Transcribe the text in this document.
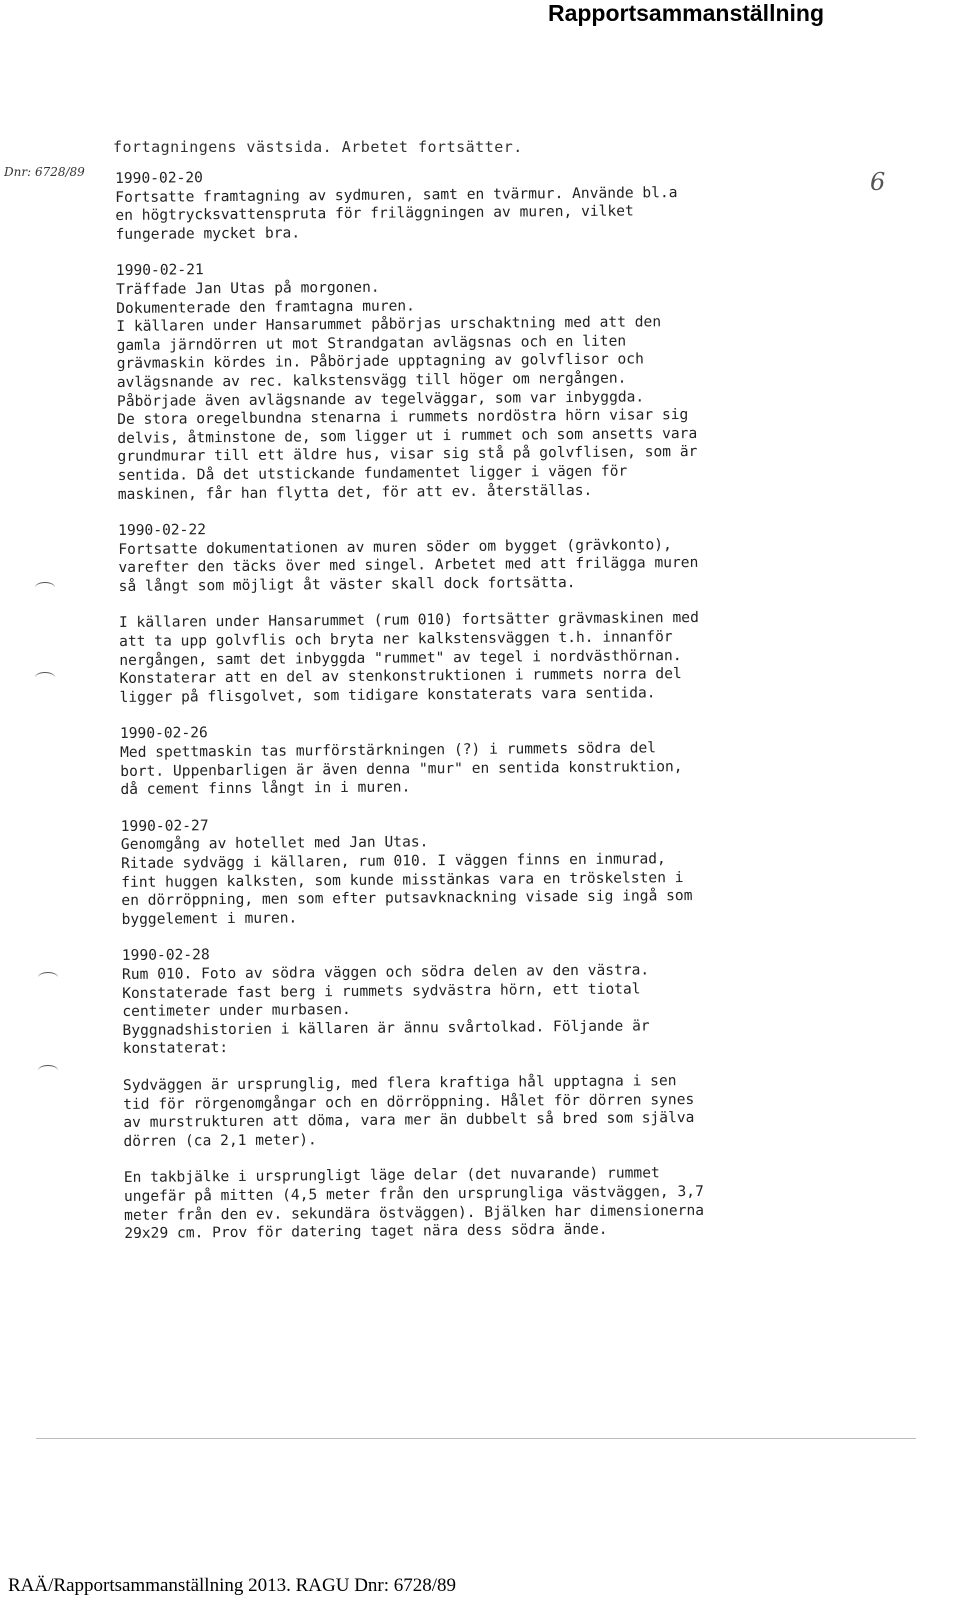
Rapportsammanställning
fortagningens västsida. Arbetet fortsätter.
Dnr: 6728/89	6
1990-02-20
Fortsatte framtagning av sydmuren, samt en tvärmur. Använde bl.a
en högtrycksvattenspruta för friläggningen av muren, vilket
fungerade mycket bra.
1990-02-21
Träffade Jan Utas på morgonen.
Dokumenterade den framtagna muren.
I källaren under Hansarummet påbörjas urschaktning med att den
gamla järndörren ut mot Strandgatan avlägsnas och en liten
grävmaskin kördes in. Påbörjade upptagning av golvflisor och
avlägsnande av rec. kalkstensvägg till höger om nergången.
Påbörjade även avlägsnande av tegelväggar, som var inbyggda.
De stora oregelbundna stenarna i rummets nordöstra hörn visar sig
delvis, åtminstone de, som ligger ut i rummet och som ansetts vara
grundmurar till ett äldre hus, visar sig stå på golvflisen, som är
sentida. Då det utstickande fundamentet ligger i vägen för
maskinen, får han flytta det, för att ev. återställas.
1990-02-22
Fortsatte dokumentationen av muren söder om bygget (grävkonto),
varefter den täcks över med singel. Arbetet med att frilägga muren
så långt som möjligt åt väster skall dock fortsätta.
I källaren under Hansarummet (rum 010) fortsätter grävmaskinen med
att ta upp golvflis och bryta ner kalkstensväggen t.h. innanför
nergången, samt det inbyggda "rummet" av tegel i nordvästhörnan.
Konstaterar att en del av stenkonstruktionen i rummets norra del
ligger på flisgolvet, som tidigare konstaterats vara sentida.
1990-02-26
Med spettmaskin tas murförstärkningen (?) i rummets södra del
bort. Uppenbarligen är även denna "mur" en sentida konstruktion,
då cement finns långt in i muren.
1990-02-27
Genomgång av hotellet med Jan Utas.
Ritade sydvägg i källaren, rum 010. I väggen finns en inmurad,
fint huggen kalksten, som kunde misstänkas vara en tröskelsten i
en dörröppning, men som efter putsavknackning visade sig ingå som
byggelement i muren.
1990-02-28
Rum 010. Foto av södra väggen och södra delen av den västra.
Konstaterade fast berg i rummets sydvästra hörn, ett tiotal
centimeter under murbasen.
Byggnadshistorien i källaren är ännu svårtolkad. Följande är
konstaterat:
Sydväggen är ursprunglig, med flera kraftiga hål upptagna i sen
tid för rörgenomgångar och en dörröppning. Hålet för dörren synes
av murstrukturen att döma, vara mer än dubbelt så bred som själva
dörren (ca 2,1 meter).
En takbjälke i ursprungligt läge delar (det nuvarande) rummet
ungefär på mitten (4,5 meter från den ursprungliga västväggen, 3,7
meter från den ev. sekundära östväggen). Bjälken har dimensionerna
29x29 cm. Prov för datering taget nära dess södra ände.
RAÄ/Rapportsammanställning 2013. RAGU Dnr: 6728/89
